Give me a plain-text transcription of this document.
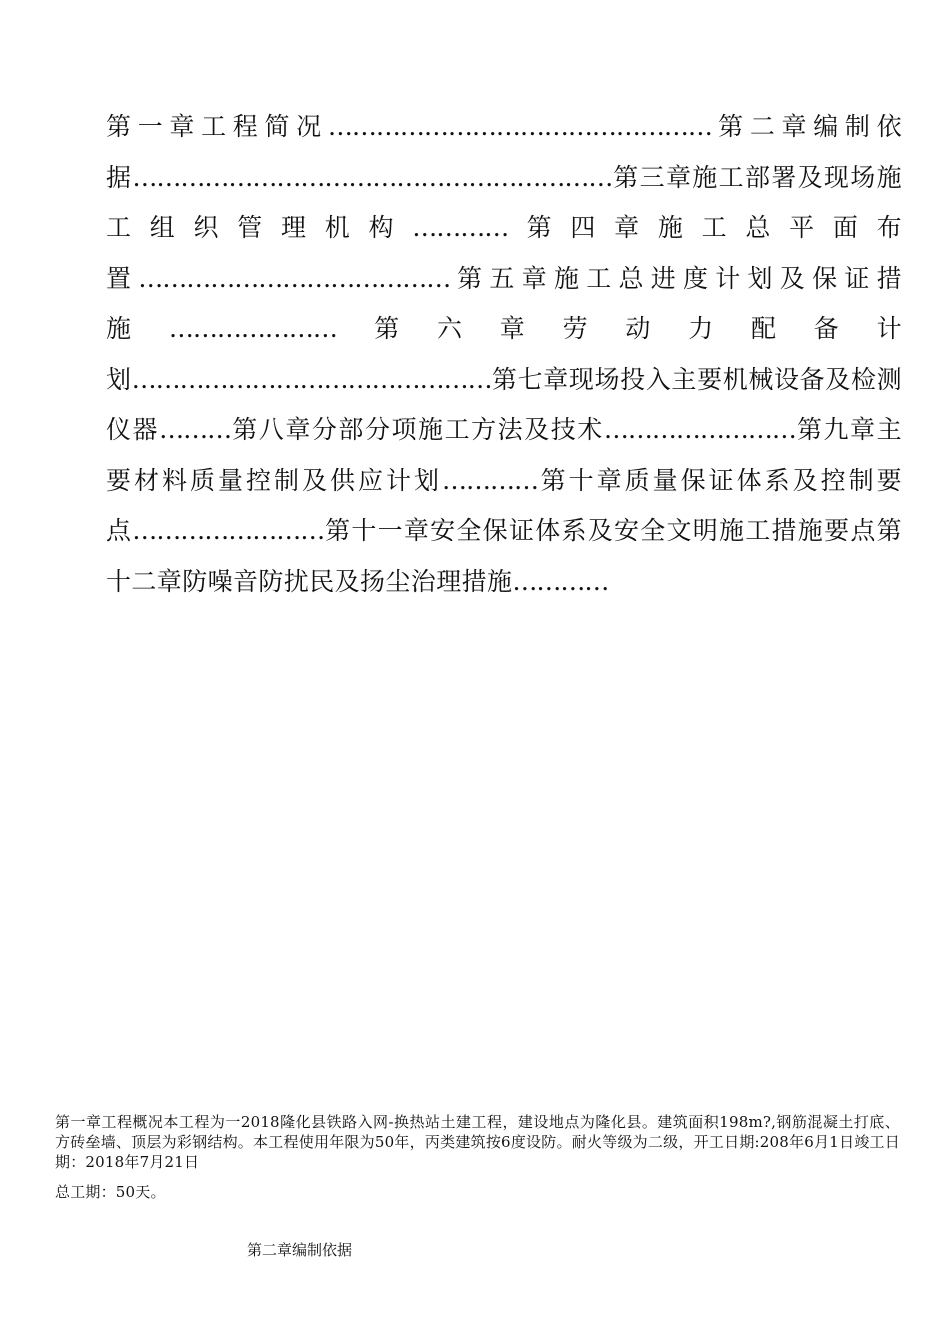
第一章工程简况…………………………………………第二章编制依据……………………………………………………第三章施工部署及现场施工组织管理机构…………第四章施工总平面布置…………………………………第五章施工总进度计划及保证措施…………………第六章劳动力配备计划………………………………………第七章现场投入主要机械设备及检测仪器………第八章分部分项施工方法及技术……………………第九章主要材料质量控制及供应计划…………第十章质量保证体系及控制要点……………………第十一章安全保证体系及安全文明施工措施要点第十二章防噪音防扰民及扬尘治理措施…………

第一章工程概况本工程为一2018隆化县铁路入网-换热站土建工程，建设地点为隆化县。建筑面积198m?,钢筋混凝土打底、方砖垒墙、顶层为彩钢结构。本工程使用年限为50年，丙类建筑按6度设防。耐火等级为二级，开工日期:208年6月1日竣工日期：2018年7月21日

总工期：50天。

第二章编制依据
